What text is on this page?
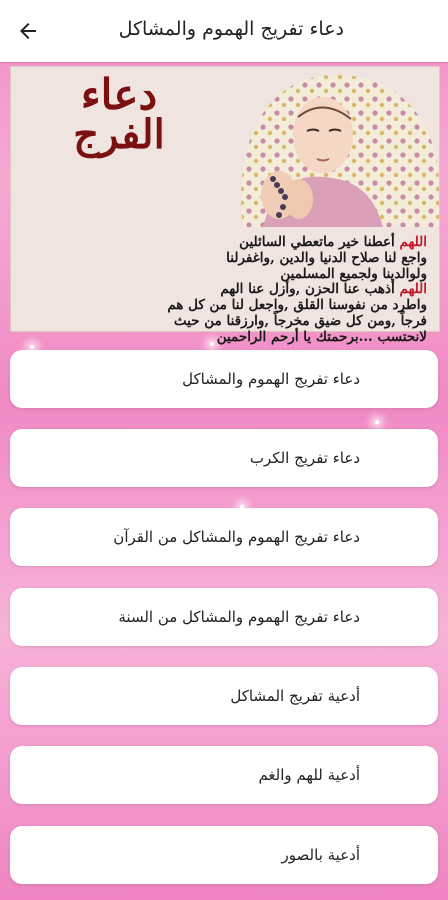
دعاء تفريج الهموم والمشاكل
دعاء
الفرج
اللهم أعطنا خير ماتعطي السائلين
واجع لنا صلاح الدنيا والدين ,واغفرلنا
ولوالدينا ولجميع المسلمين
اللهم أذهب عنا الحزن ,وأزل عنا الهم
واطرد من نفوسنا القلق ,واجعل لنا من كل هم
فرجاً ,ومن كل ضيق مخرجاً ,وارزقنا من حيث
لانحتسب ...برحمتك يا أرحم الراحمين
دعاء تفريج الهموم والمشاكل
دعاء تفريج الكرب
دعاء تفريج الهموم والمشاكل من القرآن
دعاء تفريج الهموم والمشاكل من السنة
أدعية تفريج المشاكل
أدعية للهم والغم
أدعية بالصور
